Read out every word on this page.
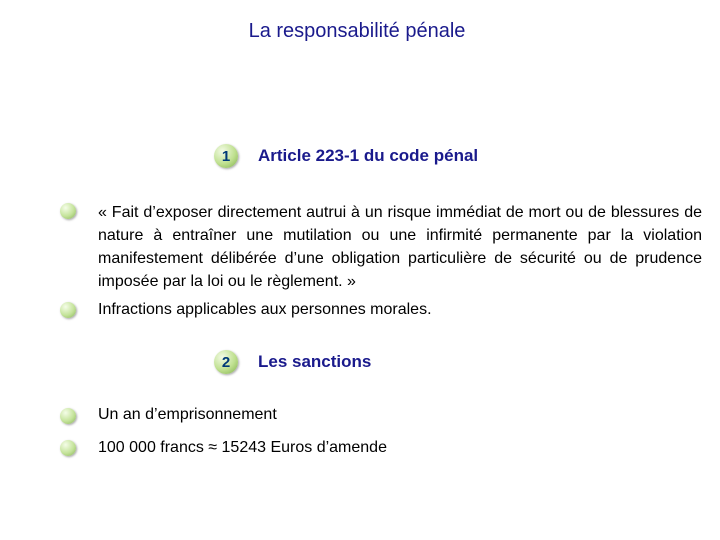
La responsabilité pénale
1	Article 223-1 du code pénal
« Fait d’exposer directement autrui à un risque immédiat de mort ou de blessures de nature à entraîner une mutilation ou une infirmité permanente par la violation manifestement délibérée d’une obligation particulière de sécurité ou de prudence imposée par la loi ou le règlement. »
Infractions applicables aux personnes morales.
2	Les sanctions
Un an d’emprisonnement
100 000 francs ≈ 15243 Euros d’amende
